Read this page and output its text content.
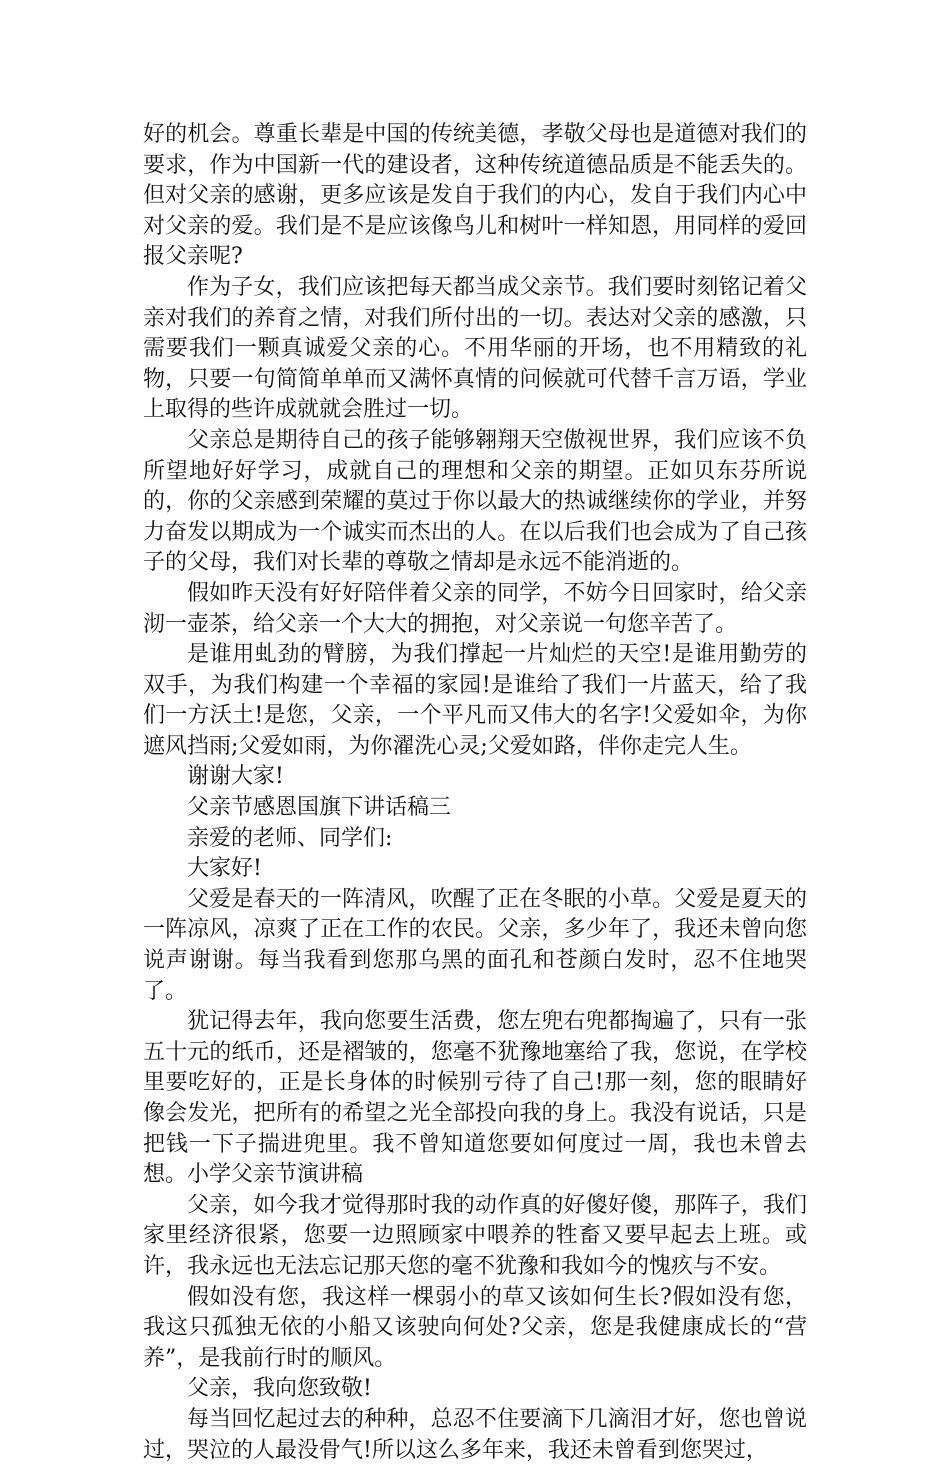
好的机会。尊重长辈是中国的传统美德，孝敬父母也是道德对我们的要求，作为中国新一代的建设者，这种传统道德品质是不能丢失的。但对父亲的感谢，更多应该是发自于我们的内心，发自于我们内心中对父亲的爱。我们是不是应该像鸟儿和树叶一样知恩，用同样的爱回报父亲呢?

作为子女，我们应该把每天都当成父亲节。我们要时刻铭记着父亲对我们的养育之情，对我们所付出的一切。表达对父亲的感激，只需要我们一颗真诚爱父亲的心。不用华丽的开场，也不用精致的礼物，只要一句简简单单而又满怀真情的问候就可代替千言万语，学业上取得的些许成就就会胜过一切。

父亲总是期待自己的孩子能够翱翔天空傲视世界，我们应该不负所望地好好学习，成就自己的理想和父亲的期望。正如贝东芬所说的，你的父亲感到荣耀的莫过于你以最大的热诚继续你的学业，并努力奋发以期成为一个诚实而杰出的人。在以后我们也会成为了自己孩子的父母，我们对长辈的尊敬之情却是永远不能消逝的。

假如昨天没有好好陪伴着父亲的同学，不妨今日回家时，给父亲沏一壶茶，给父亲一个大大的拥抱，对父亲说一句您辛苦了。

是谁用虬劲的臂膀，为我们撑起一片灿烂的天空!是谁用勤劳的双手，为我们构建一个幸福的家园!是谁给了我们一片蓝天，给了我们一方沃土!是您，父亲，一个平凡而又伟大的名字!父爱如伞，为你遮风挡雨;父爱如雨，为你濯洗心灵;父爱如路，伴你走完人生。

谢谢大家!

父亲节感恩国旗下讲话稿三

亲爱的老师、同学们:

大家好!

父爱是春天的一阵清风，吹醒了正在冬眠的小草。父爱是夏天的一阵凉风，凉爽了正在工作的农民。父亲，多少年了，我还未曾向您说声谢谢。每当我看到您那乌黑的面孔和苍颜白发时，忍不住地哭了。

犹记得去年，我向您要生活费，您左兜右兜都掏遍了，只有一张五十元的纸币，还是褶皱的，您毫不犹豫地塞给了我，您说，在学校里要吃好的，正是长身体的时候别亏待了自己!那一刻，您的眼睛好像会发光，把所有的希望之光全部投向我的身上。我没有说话，只是把钱一下子揣进兜里。我不曾知道您要如何度过一周，我也未曾去想。小学父亲节演讲稿

父亲，如今我才觉得那时我的动作真的好傻好傻，那阵子，我们家里经济很紧，您要一边照顾家中喂养的牲畜又要早起去上班。或许，我永远也无法忘记那天您的毫不犹豫和我如今的愧疚与不安。

假如没有您，我这样一棵弱小的草又该如何生长?假如没有您，我这只孤独无依的小船又该驶向何处?父亲，您是我健康成长的“营养”，是我前行时的顺风。

父亲，我向您致敬!

每当回忆起过去的种种，总忍不住要滴下几滴泪才好，您也曾说过，哭泣的人最没骨气!所以这么多年来，我还未曾看到您哭过，
